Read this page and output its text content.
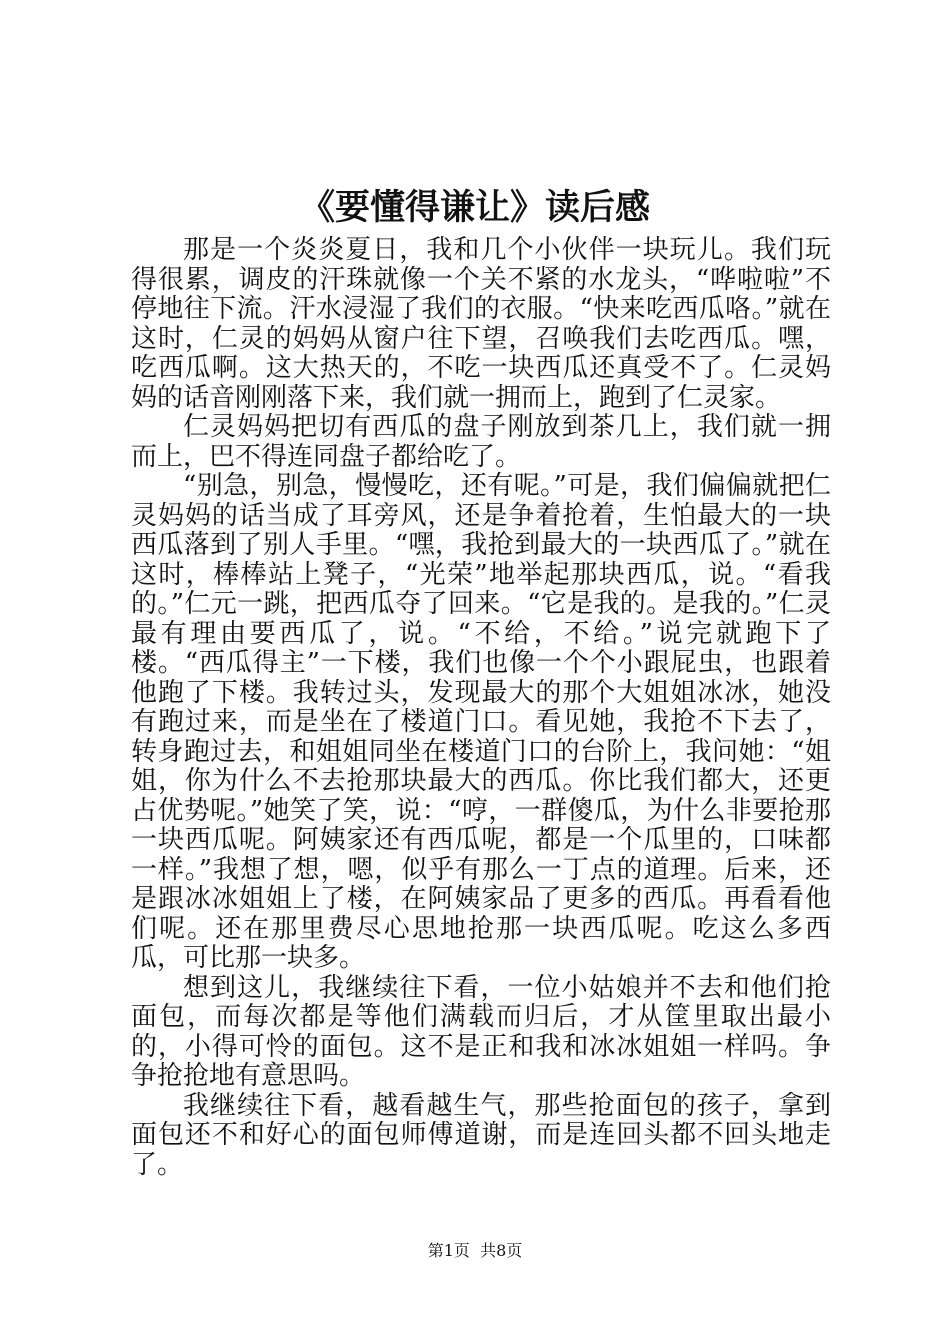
《要懂得谦让》读后感

那是一个炎炎夏日，我和几个小伙伴一块玩儿。我们玩得很累，调皮的汗珠就像一个关不紧的水龙头，“哗啦啦”不停地往下流。汗水浸湿了我们的衣服。“快来吃西瓜咯。”就在这时，仁灵的妈妈从窗户往下望，召唤我们去吃西瓜。嘿，吃西瓜啊。这大热天的，不吃一块西瓜还真受不了。仁灵妈妈的话音刚刚落下来，我们就一拥而上，跑到了仁灵家。

仁灵妈妈把切有西瓜的盘子刚放到茶几上，我们就一拥而上，巴不得连同盘子都给吃了。

“别急，别急，慢慢吃，还有呢。”可是，我们偏偏就把仁灵妈妈的话当成了耳旁风，还是争着抢着，生怕最大的一块西瓜落到了别人手里。“嘿，我抢到最大的一块西瓜了。”就在这时，棒棒站上凳子，“光荣”地举起那块西瓜，说。“看我的。”仁元一跳，把西瓜夺了回来。“它是我的。是我的。”仁灵最有理由要西瓜了，说。“不给，不给。”说完就跑下了楼。“西瓜得主”一下楼，我们也像一个个小跟屁虫，也跟着他跑了下楼。我转过头，发现最大的那个大姐姐冰冰，她没有跑过来，而是坐在了楼道门口。看见她，我抢不下去了，转身跑过去，和姐姐同坐在楼道门口的台阶上，我问她：“姐姐，你为什么不去抢那块最大的西瓜。你比我们都大，还更占优势呢。”她笑了笑，说：“哼，一群傻瓜，为什么非要抢那一块西瓜呢。阿姨家还有西瓜呢，都是一个瓜里的，口味都一样。”我想了想，嗯，似乎有那么一丁点的道理。后来，还是跟冰冰姐姐上了楼，在阿姨家品了更多的西瓜。再看看他们呢。还在那里费尽心思地抢那一块西瓜呢。吃这么多西瓜，可比那一块多。

想到这儿，我继续往下看，一位小姑娘并不去和他们抢面包，而每次都是等他们满载而归后，才从筐里取出最小的，小得可怜的面包。这不是正和我和冰冰姐姐一样吗。争争抢抢地有意思吗。

我继续往下看，越看越生气，那些抢面包的孩子，拿到面包还不和好心的面包师傅道谢，而是连回头都不回头地走了。

第1页  共8页
